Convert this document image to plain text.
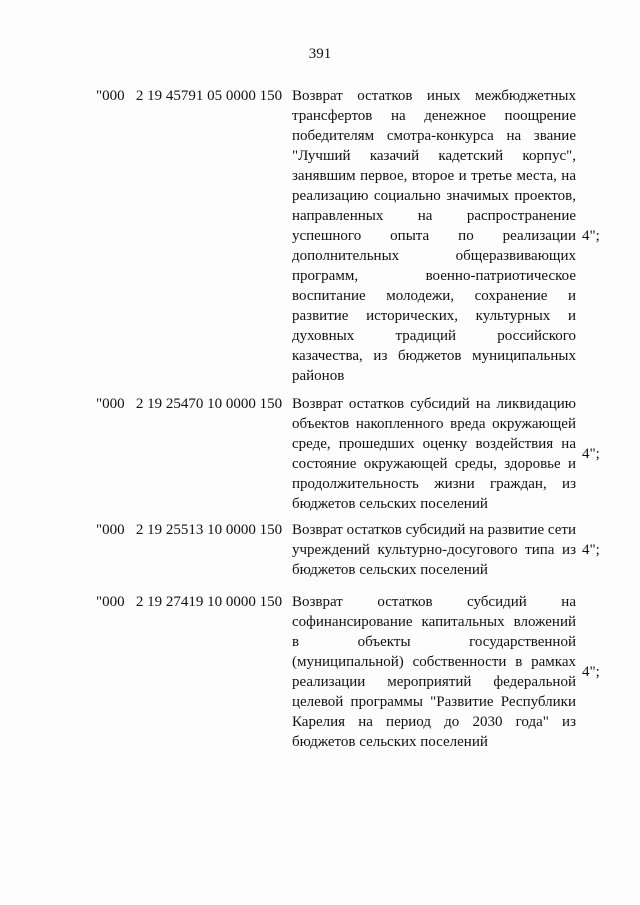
391
"000   2 19 45791 05 0000 150 Возврат остатков иных межбюджетных
трансфертов на денежное поощрение
победителям смотра-конкурса на звание
"Лучший казачий кадетский корпус",
занявшим первое, второе и третье места, на
реализацию социально значимых проектов,
направленных на распространение
успешного опыта по реализации
дополнительных общеразвивающих
программ, военно-патриотическое
воспитание молодежи, сохранение и
развитие исторических, культурных и
духовных традиций российского
казачества, из бюджетов муниципальных
районов
4";
"000   2 19 25470 10 0000 150 Возврат остатков субсидий на ликвидацию
объектов накопленного вреда окружающей
среде, прошедших оценку воздействия на
состояние окружающей среды, здоровье и
продолжительность жизни граждан, из
бюджетов сельских поселений
4";
"000   2 19 25513 10 0000 150 Возврат остатков субсидий на развитие сети
учреждений культурно-досугового типа из
бюджетов сельских поселений
4";
"000   2 19 27419 10 0000 150 Возврат остатков субсидий на
софинансирование капитальных вложений
в объекты государственной
(муниципальной) собственности в рамках
реализации мероприятий федеральной
целевой программы "Развитие Республики
Карелия на период до 2030 года" из
бюджетов сельских поселений
4";
